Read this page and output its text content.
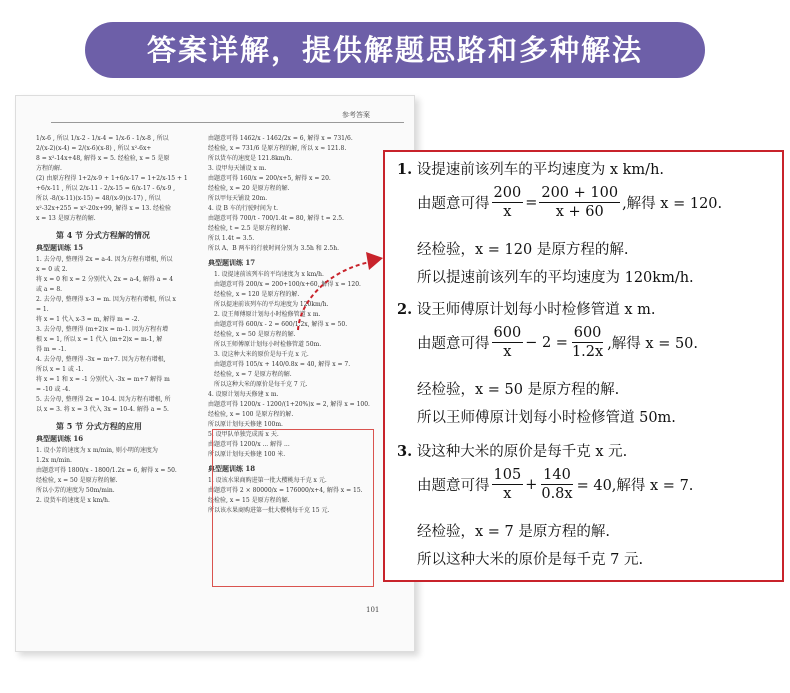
答案详解，提供解题思路和多种解法
参考答案
1/x-6 , 所以 1/x-2 - 1/x-4 = 1/x-6 - 1/x-8 , 所以
2/(x-2)(x-4) = 2/(x-6)(x-8) , 所以 x²-6x+
8 = x²-14x+48, 解得 x = 5. 经检验, x = 5 是原
方程的解.
(2) 由原方程得 1+2/x-9 + 1+6/x-17 = 1+2/x-15 + 1
+6/x-11 , 所以 2/x-11 - 2/x-15 = 6/x-17 - 6/x-9 ,
所以 -8/(x-11)(x-15) = 48/(x-9)(x-17) , 所以
x²-32x+255 = x²-20x+99, 解得 x = 13. 经检验
x = 13 是原方程的解.
第 4 节 分式方程解的情况
典型题训练 15
1. 去分母, 整理得 2x = a-4. 因为方程有增根, 所以
x = 0 或 2.
将 x = 0 和 x = 2 分别代入 2x = a-4, 解得 a = 4
或 a = 8.
2. 去分母, 整理得 x-3 = m. 因为方程有增根, 所以 x
= 1.
将 x = 1 代入 x-3 = m, 解得 m = -2.
3. 去分母, 整理得 (m+2)x = m-1. 因为方程有增
根 x = 1, 所以 x = 1 代入 (m+2)x = m-1, 解
得 m = -1.
4. 去分母, 整理得 -3x = m+7. 因为方程有增根,
所以 x = 1 或 -1.
将 x = 1 和 x = -1 分别代入 -3x = m+7 解得 m
= -10 或 -4.
5. 去分母, 整理得 2x = 10-4. 因为方程有增根, 所
以 x = 3. 将 x = 3 代入 3x = 10-4. 解得 a = 5.
第 5 节 分式方程的应用
典型题训练 16
1. 设小芳的速度为 x m/min, 则小明的速度为
1.2x m/min.
由题意可得 1800/x - 1800/1.2x = 6, 解得 x = 50.
经检验, x = 50 是原方程的解.
所以小芳的速度为 50m/min.
2. 设货车的速度是 x km/h.
由题意可得 1462/x - 1462/2x = 6, 解得 x = 731/6.
经检验, x = 731/6 是原方程的解, 所以 x ≈ 121.8.
所以货车的速度是 121.8km/h.
3. 设甲每天铺设 x m.
由题意可得 160/x = 200/x+5, 解得 x = 20.
经检验, x = 20 是原方程的解.
所以甲每天铺设 20m.
4. 设 B 车的行驶时间为 t.
由题意可得 700/t - 700/1.4t = 80, 解得 t = 2.5.
经检验, t = 2.5 是原方程的解.
所以 1.4t = 3.5.
所以 A、B 两车的行驶时间分别为 3.5h 和 2.5h.
典型题训练 17
1. 设提速前该列车的平均速度为 x km/h.
由题意可得 200/x = 200+100/x+60, 解得 x = 120.
经检验, x = 120 是原方程的解.
所以提速前该列车的平均速度为 120km/h.
2. 设王师傅原计划每小时检修管道 x m.
由题意可得 600/x - 2 = 600/1.2x, 解得 x = 50.
经检验, x = 50 是原方程的解.
所以王师傅原计划每小时检修管道 50m.
3. 设这种大米的原价是每千克 x 元.
由题意可得 105/x + 140/0.8x = 40, 解得 x = 7.
经检验, x = 7 是原方程的解.
所以这种大米的原价是每千克 7 元.
4. 设原计划每天修建 x m.
由题意可得 1200/x - 1200/(1+20%)x = 2, 解得 x = 100.
经检验, x = 100 是原方程的解.
所以原计划每天修建 100m.
5. 设甲队单独完成需 x 天.
由题意可得 1200/x ... 解得 ...
所以原计划每天修建 100 米.
典型题训练 18
1. 设该水果商购进第一批大樱桃每千克 x 元.
由题意可得 2 × 80000/x = 176000/x+4, 解得 x = 15.
经检验, x = 15 是原方程的解.
所以该水果商购进第一批大樱桃每千克 15 元.
101
1. 设提速前该列车的平均速度为 x km/h.
由题意可得 $\frac{200}{x} = \frac{200 + 100}{x + 60}$ ,解得 x = 120.
经检验，x = 120 是原方程的解.
所以提速前该列车的平均速度为 120km/h.
2. 设王师傅原计划每小时检修管道 x m.
由题意可得 $\frac{600}{x} - 2 = \frac{600}{1.2x}$ ,解得 x = 50.
经检验，x = 50 是原方程的解.
所以王师傅原计划每小时检修管道 50m.
3. 设这种大米的原价是每千克 x 元.
由题意可得 $\frac{105}{x} + \frac{140}{0.8x} = 40$,解得 x = 7.
经检验，x = 7 是原方程的解.
所以这种大米的原价是每千克 7 元.
